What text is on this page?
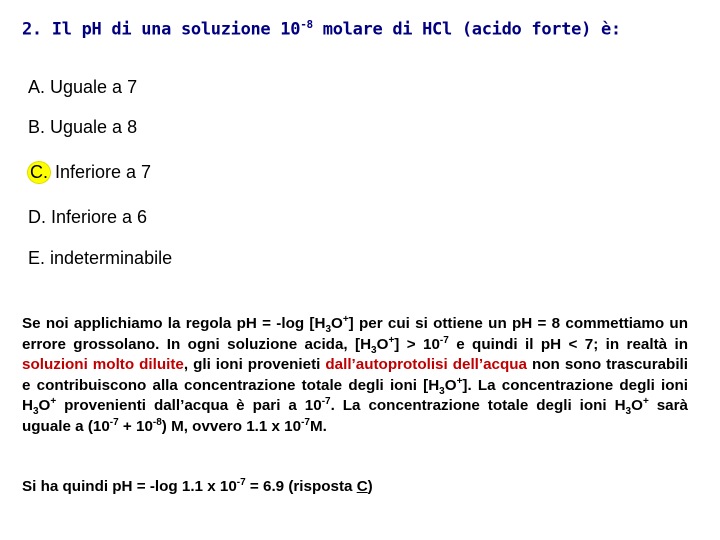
2. Il pH di una soluzione $10^{-8}$ molare di HCl (acido forte) è:
A. Uguale a 7
B. Uguale a 8
C. Inferiore a 7
D. Inferiore a 6
E. indeterminabile
Se noi applichiamo la regola pH = -log $[H_3O^+]$ per cui si ottiene un pH = 8 commettiamo un errore grossolano. In ogni soluzione acida, $[H_3O^+] > 10^{-7}$ e quindi il pH < 7; in realtà in soluzioni molto diluite, gli ioni provenieti dall’autoprotolisi dell’acqua non sono trascurabili e contribuiscono alla concentrazione totale degli ioni $[H_3O^+]$. La concentrazione degli ioni $H_3O^+$ provenienti dall’acqua è pari a $10^{-7}$. La concentrazione totale degli ioni $H_3O^+$ sarà uguale a $(10^{-7} + 10^{-8})$ M, ovvero 1.1 x $10^{-7}M$.
Si ha quindi pH = -log 1.1 x $10^{-7} = 6.9$ (risposta C)
